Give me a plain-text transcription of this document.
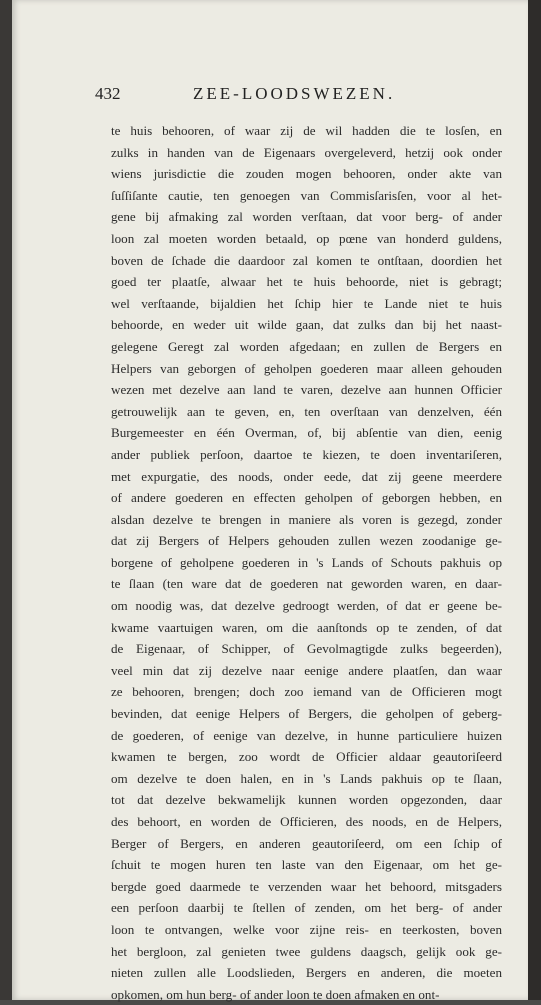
432	ZEE-LOODSWEZEN.
te huis behooren, of waar zij de wil hadden die te losſen, en
zulks in handen van de Eigenaars overgeleverd, hetzij ook onder
wiens jurisdictie die zouden mogen behooren, onder akte van
ſuſſiſante cautie, ten genoegen van Commisſarisſen, voor al het-
gene bij afmaking zal worden verſtaan, dat voor berg- of ander
loon zal moeten worden betaald, op pœne van honderd guldens,
boven de ſchade die daardoor zal komen te ontſtaan, doordien het
goed ter plaatſe, alwaar het te huis behoorde, niet is gebragt;
wel verſtaande, bijaldien het ſchip hier te Lande niet te huis
behoorde, en weder uit wilde gaan, dat zulks dan bij het naast-
gelegene Geregt zal worden afgedaan; en zullen de Bergers en
Helpers van geborgen of geholpen goederen maar alleen gehouden
wezen met dezelve aan land te varen, dezelve aan hunnen Officier
getrouwelijk aan te geven, en, ten overſtaan van denzelven, één
Burgemeester en één Overman, of, bij abſentie van dien, eenig
ander publiek perſoon, daartoe te kiezen, te doen inventariſeren,
met expurgatie, des noods, onder eede, dat zij geene meerdere
of andere goederen en effecten geholpen of geborgen hebben, en
alsdan dezelve te brengen in maniere als voren is gezegd, zonder
dat zij Bergers of Helpers gehouden zullen wezen zoodanige ge-
borgene of geholpene goederen in 's Lands of Schouts pakhuis op
te ſlaan (ten ware dat de goederen nat geworden waren, en daar-
om noodig was, dat dezelve gedroogt werden, of dat er geene be-
kwame vaartuigen waren, om die aanſtonds op te zenden, of dat
de Eigenaar, of Schipper, of Gevolmagtigde zulks begeerden),
veel min dat zij dezelve naar eenige andere plaatſen, dan waar
ze behooren, brengen; doch zoo iemand van de Officieren mogt
bevinden, dat eenige Helpers of Bergers, die geholpen of geberg-
de goederen, of eenige van dezelve, in hunne particuliere huizen
kwamen te bergen, zoo wordt de Officier aldaar geautoriſeerd
om dezelve te doen halen, en in 's Lands pakhuis op te ſlaan,
tot dat dezelve bekwamelijk kunnen worden opgezonden, daar
des behoort, en worden de Officieren, des noods, en de Helpers,
Berger of Bergers, en anderen geautoriſeerd, om een ſchip of
ſchuit te mogen huren ten laste van den Eigenaar, om het ge-
bergde goed daarmede te verzenden waar het behoord, mitsgaders
een perſoon daarbij te ſtellen of zenden, om het berg- of ander
loon te ontvangen, welke voor zijne reis- en teerkosten, boven
het bergloon, zal genieten twee guldens daagsch, gelijk ook ge-
nieten zullen alle Loodslieden, Bergers en anderen, die moeten
opkomen, om hun berg- of ander loon te doen afmaken en ont-
